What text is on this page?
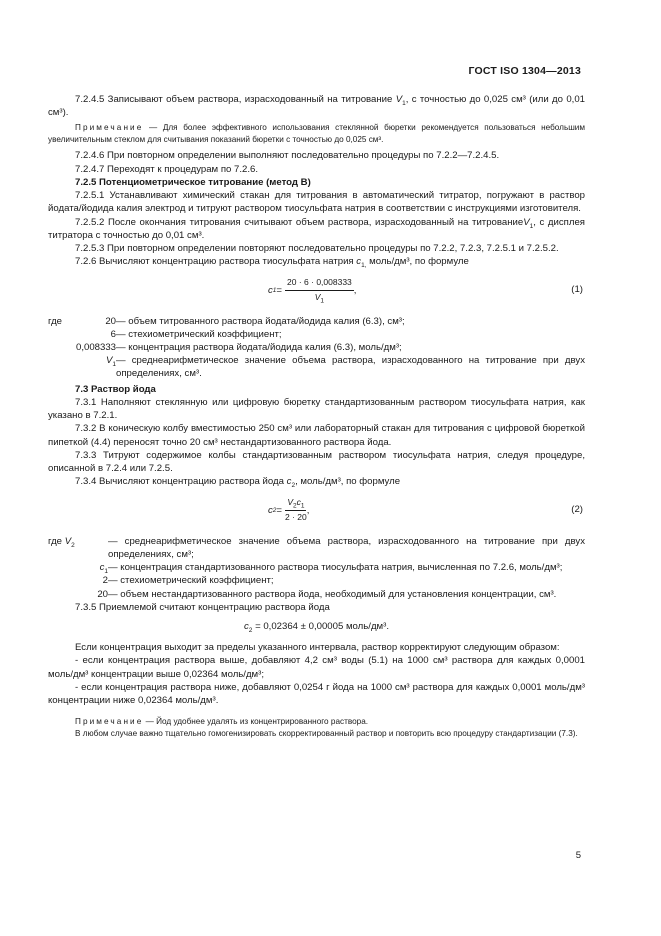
ГОСТ ISO 1304—2013

7.2.4.5 Записывают объем раствора, израсходованный на титрование $V_1$, с точностью до 0,025 см³ (или до 0,01 см³).

Примечание — Для более эффективного использования стеклянной бюретки рекомендуется пользоваться небольшим увеличительным стеклом для считывания показаний бюретки с точностью до 0,025 см³.

7.2.4.6 При повторном определении выполняют последовательно процедуры по 7.2.2—7.2.4.5.

7.2.4.7 Переходят к процедурам по 7.2.6.

7.2.5 Потенциометрическое титрование (метод B)

7.2.5.1 Устанавливают химический стакан для титрования в автоматический титратор, погружают в раствор йодата/йодида калия электрод и титруют раствором тиосульфата натрия в соответствии с инструкциями изготовителя.

7.2.5.2 После окончания титрования считывают объем раствора, израсходованный на титрованиеV$_1$, с дисплея титратора с точностью до 0,01 см³.

7.2.5.3 При повторном определении повторяют последовательно процедуры по 7.2.2, 7.2.3, 7.2.5.1 и 7.2.5.2.

7.2.6 Вычисляют концентрацию раствора тиосульфата натрия $c_{1,}$ моль/дм³, по формуле

c $1 = \frac{20 \cdot 6 \cdot 0,008333}{V_1}$ ,	(1)
где	20 — объем титрованного раствора йодата/йодида калия (6.3), см³;
6 — стехиометрический коэффициент;
0,008333 — концентрация раствора йодата/йодида калия (6.3), моль/дм³;
$V_1$ — среднеарифметическое значение объема раствора, израсходованного на титрование при двух определениях, см³.

7.3 Раствор йода

7.3.1 Наполняют стеклянную или цифровую бюретку стандартизованным раствором тиосульфата натрия, как указано в 7.2.1.

7.3.2 В коническую колбу вместимостью 250 см³ или лабораторный стакан для титрования с цифровой бюреткой пипеткой (4.4) переносят точно 20 см³ нестандартизованного раствора йода.

7.3.3 Титруют содержимое колбы стандартизованным раствором тиосульфата натрия, следуя процедуре, описанной в 7.2.4 или 7.2.5.

7.3.4 Вычисляют концентрацию раствора йода $c_2$, моль/дм³, по формуле

c $2 = \frac{V_2c_1}{2 \cdot 20}$ ,	(2)
где $V_2$	— среднеарифметическое значение объема раствора, израсходованного на титрование при двух определениях, см³;
$c_1$ — концентрация стандартизованного раствора тиосульфата натрия, вычисленная по 7.2.6, моль/дм³;
2 — стехиометрический коэффициент;
20 — объем нестандартизованного раствора йода, необходимый для установления концентрации, см³.

7.3.5 Приемлемой считают концентрацию раствора йода

$c_2 = 0,02364 \pm 0,00005$ моль/дм³.

Если концентрация выходит за пределы указанного интервала, раствор корректируют следующим образом:

- если концентрация раствора выше, добавляют 4,2 см³ воды (5.1) на 1000 см³ раствора для каждых 0,0001 моль/дм³ концентрации выше 0,02364 моль/дм³;

- если концентрация раствора ниже, добавляют 0,0254 г йода на 1000 см³ раствора для каждых 0,0001 моль/дм³ концентрации ниже 0,02364 моль/дм³.

Примечание — Йод удобнее удалять из концентрированного раствора.

В любом случае важно тщательно гомогенизировать скорректированный раствор и повторить всю процедуру стандартизации (7.3).

5
